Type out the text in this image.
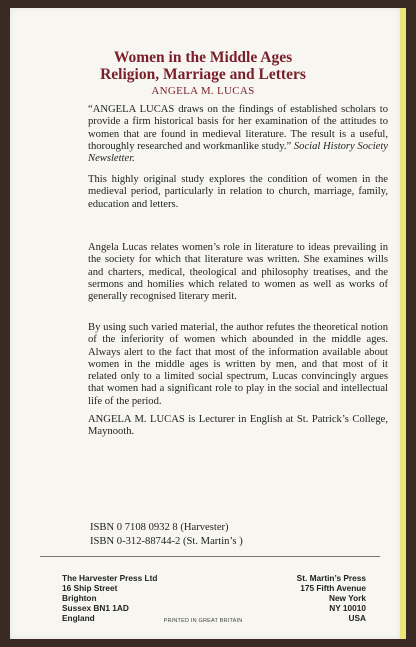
Women in the Middle Ages
Religion, Marriage and Letters
ANGELA M. LUCAS

“ANGELA LUCAS draws on the findings of established scholars to provide a firm historical basis for her examination of the attitudes to women that are found in medieval literature. The result is a useful, thoroughly researched and workmanlike study.” Social History Society Newsletter.

This highly original study explores the condition of women in the medieval period, particularly in relation to church, marriage, family, education and letters.

Angela Lucas relates women’s role in literature to ideas prevailing in the society for which that literature was written. She examines wills and charters, medical, theological and philosophy treatises, and the sermons and homilies which related to women as well as works of generally recognised literary merit.

By using such varied material, the author refutes the theoretical notion of the inferiority of women which abounded in the middle ages. Always alert to the fact that most of the information available about women in the middle ages is written by men, and that most of it related only to a limited social spectrum, Lucas convincingly argues that women had a significant role to play in the social and intellectual life of the period.

ANGELA M. LUCAS is Lecturer in English at St. Patrick’s College, Maynooth.

ISBN 0 7108 0932 8 (Harvester)
ISBN 0-312-88744-2 (St. Martin’s )
The Harvester Press Ltd
16 Ship Street
Brighton
Sussex BN1 1AD
England
St. Martin’s Press
175 Fifth Avenue
New York
NY 10010
USA
PRINTED IN GREAT BRITAIN
